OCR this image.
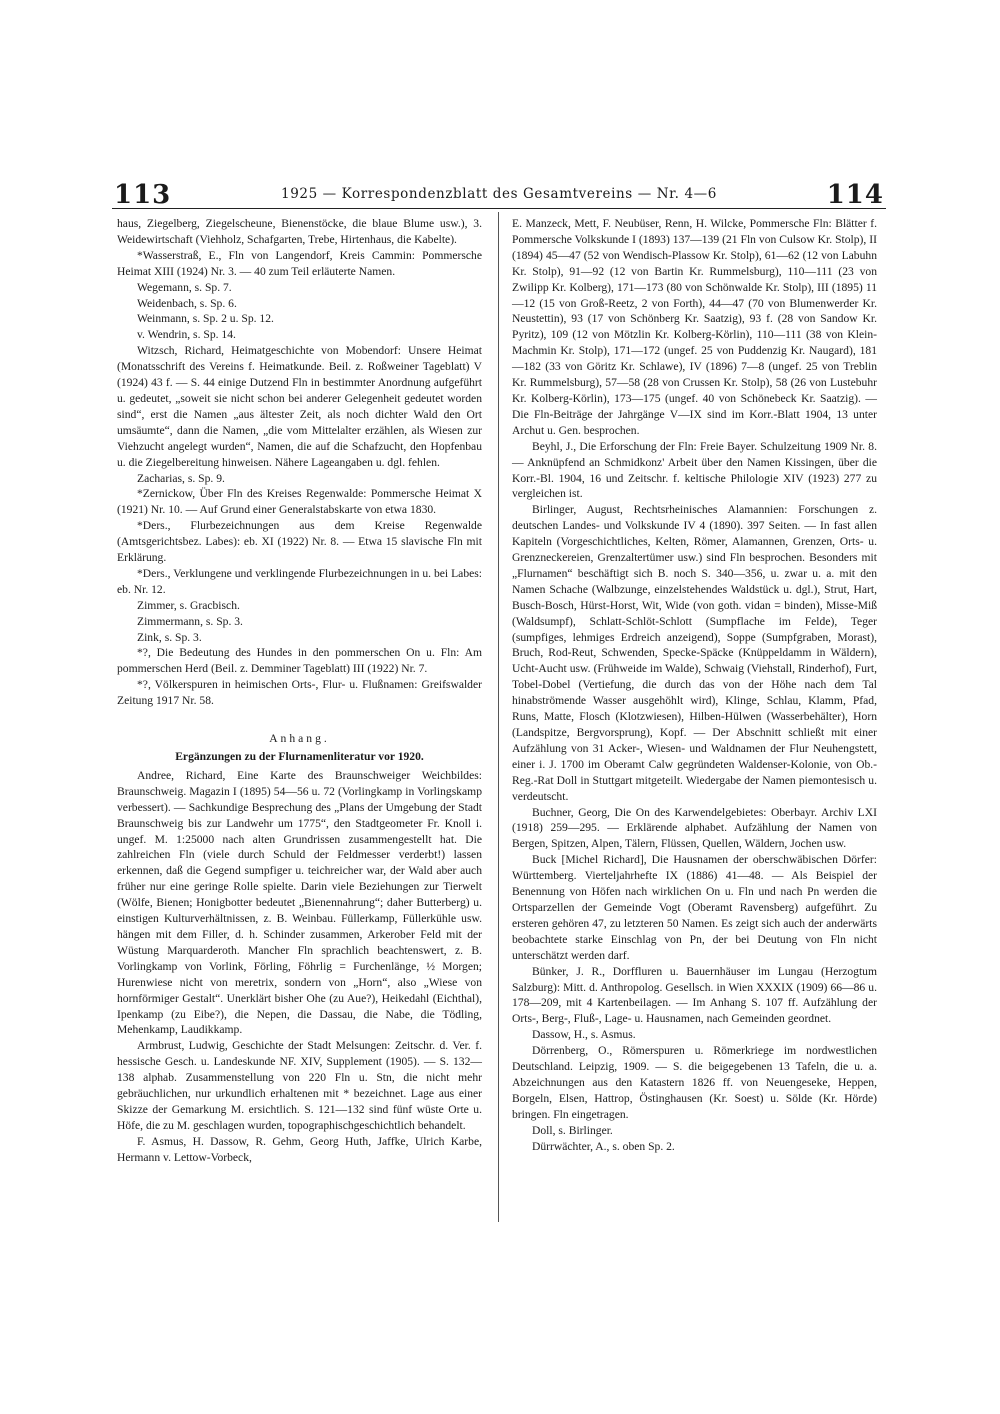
113	1925 — Korrespondenzblatt des Gesamtvereins — Nr. 4—6	114

haus, Ziegelberg, Ziegelscheune, Bienenstöcke, die blaue Blume usw.), 3. Weidewirtschaft (Viehholz, Schafgarten, Trebe, Hirtenhaus, die Kabelte).

*Wasserstraß, E., Fln von Langendorf, Kreis Cammin: Pommersche Heimat XIII (1924) Nr. 3. — 40 zum Teil erläuterte Namen.

Wegemann, s. Sp. 7.

Weidenbach, s. Sp. 6.

Weinmann, s. Sp. 2 u. Sp. 12.

v. Wendrin, s. Sp. 14.

Witzsch, Richard, Heimatgeschichte von Mobendorf: Unsere Heimat (Monatsschrift des Vereins f. Heimatkunde. Beil. z. Roßweiner Tageblatt) V (1924) 43 f. — S. 44 einige Dutzend Fln in bestimmter Anordnung aufgeführt u. gedeutet, „soweit sie nicht schon bei anderer Gelegenheit gedeutet worden sind“, erst die Namen „aus ältester Zeit, als noch dichter Wald den Ort umsäumte“, dann die Namen, „die vom Mittelalter erzählen, als Wiesen zur Viehzucht angelegt wurden“, Namen, die auf die Schafzucht, den Hopfenbau u. die Ziegelbereitung hinweisen. Nähere Lageangaben u. dgl. fehlen.

Zacharias, s. Sp. 9.

*Zernickow, Über Fln des Kreises Regenwalde: Pommersche Heimat X (1921) Nr. 10. — Auf Grund einer Generalstabskarte von etwa 1830.

*Ders., Flurbezeichnungen aus dem Kreise Regenwalde (Amtsgerichtsbez. Labes): eb. XI (1922) Nr. 8. — Etwa 15 slavische Fln mit Erklärung.

*Ders., Verklungene und verklingende Flurbezeichnungen in u. bei Labes: eb. Nr. 12.

Zimmer, s. Gracbisch.

Zimmermann, s. Sp. 3.

Zink, s. Sp. 3.

*?, Die Bedeutung des Hundes in den pommerschen On u. Fln: Am pommerschen Herd (Beil. z. Demminer Tageblatt) III (1922) Nr. 7.

*?, Völkerspuren in heimischen Orts-, Flur- u. Flußnamen: Greifswalder Zeitung 1917 Nr. 58.

Anhang.

Ergänzungen zu der Flurnamenliteratur vor 1920.

Andree, Richard, Eine Karte des Braunschweiger Weichbildes: Braunschweig. Magazin I (1895) 54—56 u. 72 (Vorlingkamp in Vorlingskamp verbessert). — Sachkundige Besprechung des „Plans der Umgebung der Stadt Braunschweig bis zur Landwehr um 1775“, den Stadtgeometer Fr. Knoll i. ungef. M. 1:25000 nach alten Grundrissen zusammengestellt hat. Die zahlreichen Fln (viele durch Schuld der Feldmesser verderbt!) lassen erkennen, daß die Gegend sumpfiger u. teichreicher war, der Wald aber auch früher nur eine geringe Rolle spielte. Darin viele Beziehungen zur Tierwelt (Wölfe, Bienen; Honigbotter bedeutet „Bienennahrung“; daher Butterberg) u. einstigen Kulturverhältnissen, z. B. Weinbau. Füllerkamp, Füllerkühle usw. hängen mit dem Filler, d. h. Schinder zusammen, Arkerober Feld mit der Wüstung Marquarderoth. Mancher Fln sprachlich beachtenswert, z. B. Vorlingkamp von Vorlink, Förling, Föhrlig = Furchenlänge, ½ Morgen; Hurenwiese nicht von meretrix, sondern von „Horn“, also „Wiese von hornförmiger Gestalt“. Unerklärt bisher Ohe (zu Aue?), Heikedahl (Eichthal), Ipenkamp (zu Eibe?), die Nepen, die Dassau, die Nabe, die Tödling, Mehenkamp, Laudikkamp.

Armbrust, Ludwig, Geschichte der Stadt Melsungen: Zeitschr. d. Ver. f. hessische Gesch. u. Landeskunde NF. XIV, Supplement (1905). — S. 132—138 alphab. Zusammenstellung von 220 Fln u. Stn, die nicht mehr gebräuchlichen, nur urkundlich erhaltenen mit * bezeichnet. Lage aus einer Skizze der Gemarkung M. ersichtlich. S. 121—132 sind fünf wüste Orte u. Höfe, die zu M. geschlagen wurden, topographischgeschichtlich behandelt.

F. Asmus, H. Dassow, R. Gehm, Georg Huth, Jaffke, Ulrich Karbe, Hermann v. Lettow-Vorbeck,

E. Manzeck, Mett, F. Neubüser, Renn, H. Wilcke, Pommersche Fln: Blätter f. Pommersche Volkskunde I (1893) 137—139 (21 Fln von Culsow Kr. Stolp), II (1894) 45—47 (52 von Wendisch-Plassow Kr. Stolp), 61—62 (12 von Labuhn Kr. Stolp), 91—92 (12 von Bartin Kr. Rummelsburg), 110—111 (23 von Zwilipp Kr. Kolberg), 171—173 (80 von Schönwalde Kr. Stolp), III (1895) 11—12 (15 von Groß-Reetz, 2 von Forth), 44—47 (70 von Blumenwerder Kr. Neustettin), 93 (17 von Schönberg Kr. Saatzig), 93 f. (28 von Sandow Kr. Pyritz), 109 (12 von Mötzlin Kr. Kolberg-Körlin), 110—111 (38 von Klein-Machmin Kr. Stolp), 171—172 (ungef. 25 von Puddenzig Kr. Naugard), 181—182 (33 von Göritz Kr. Schlawe), IV (1896) 7—8 (ungef. 25 von Treblin Kr. Rummelsburg), 57—58 (28 von Crussen Kr. Stolp), 58 (26 von Lustebuhr Kr. Kolberg-Körlin), 173—175 (ungef. 40 von Schönebeck Kr. Saatzig). — Die Fln-Beiträge der Jahrgänge V—IX sind im Korr.-Blatt 1904, 13 unter Archut u. Gen. besprochen.

Beyhl, J., Die Erforschung der Fln: Freie Bayer. Schulzeitung 1909 Nr. 8. — Anknüpfend an Schmidkonz' Arbeit über den Namen Kissingen, über die Korr.-Bl. 1904, 16 und Zeitschr. f. keltische Philologie XIV (1923) 277 zu vergleichen ist.

Birlinger, August, Rechtsrheinisches Alamannien: Forschungen z. deutschen Landes- und Volkskunde IV 4 (1890). 397 Seiten. — In fast allen Kapiteln (Vorgeschichtliches, Kelten, Römer, Alamannen, Grenzen, Orts- u. Grenzneckereien, Grenzaltertümer usw.) sind Fln besprochen. Besonders mit „Flurnamen“ beschäftigt sich B. noch S. 340—356, u. zwar u. a. mit den Namen Schache (Walbzunge, einzelstehendes Waldstück u. dgl.), Strut, Hart, Busch-Bosch, Hürst-Horst, Wit, Wide (von goth. vidan = binden), Misse-Miß (Waldsumpf), Schlatt-Schlöt-Schlott (Sumpflache im Felde), Teger (sumpfiges, lehmiges Erdreich anzeigend), Soppe (Sumpfgraben, Morast), Bruch, Rod-Reut, Schwenden, Specke-Späcke (Knüppeldamm in Wäldern), Ucht-Aucht usw. (Frühweide im Walde), Schwaig (Viehstall, Rinderhof), Furt, Tobel-Dobel (Vertiefung, die durch das von der Höhe nach dem Tal hinabströmende Wasser ausgehöhlt wird), Klinge, Schlau, Klamm, Pfad, Runs, Matte, Flosch (Klotzwiesen), Hilben-Hülwen (Wasserbehälter), Horn (Landspitze, Bergvorsprung), Kopf. — Der Abschnitt schließt mit einer Aufzählung von 31 Acker-, Wiesen- und Waldnamen der Flur Neuhengstett, einer i. J. 1700 im Oberamt Calw gegründeten Waldenser-Kolonie, von Ob.-Reg.-Rat Doll in Stuttgart mitgeteilt. Wiedergabe der Namen piemontesisch u. verdeutscht.

Buchner, Georg, Die On des Karwendelgebietes: Oberbayr. Archiv LXI (1918) 259—295. — Erklärende alphabet. Aufzählung der Namen von Bergen, Spitzen, Alpen, Tälern, Flüssen, Quellen, Wäldern, Jochen usw.

Buck [Michel Richard], Die Hausnamen der oberschwäbischen Dörfer: Württemberg. Vierteljahrhefte IX (1886) 41—48. — Als Beispiel der Benennung von Höfen nach wirklichen On u. Fln und nach Pn werden die Ortsparzellen der Gemeinde Vogt (Oberamt Ravensberg) aufgeführt. Zu ersteren gehören 47, zu letzteren 50 Namen. Es zeigt sich auch der anderwärts beobachtete starke Einschlag von Pn, der bei Deutung von Fln nicht unterschätzt werden darf.

Bünker, J. R., Dorffluren u. Bauernhäuser im Lungau (Herzogtum Salzburg): Mitt. d. Anthropolog. Gesellsch. in Wien XXXIX (1909) 66—86 u. 178—209, mit 4 Kartenbeilagen. — Im Anhang S. 107 ff. Aufzählung der Orts-, Berg-, Fluß-, Lage- u. Hausnamen, nach Gemeinden geordnet.

Dassow, H., s. Asmus.

Dörrenberg, O., Römerspuren u. Römerkriege im nordwestlichen Deutschland. Leipzig, 1909. — S. die beigegebenen 13 Tafeln, die u. a. Abzeichnungen aus den Katastern 1826 ff. von Neuengeseke, Heppen, Borgeln, Elsen, Hattrop, Östinghausen (Kr. Soest) u. Sölde (Kr. Hörde) bringen. Fln eingetragen.

Doll, s. Birlinger.

Dürrwächter, A., s. oben Sp. 2.
